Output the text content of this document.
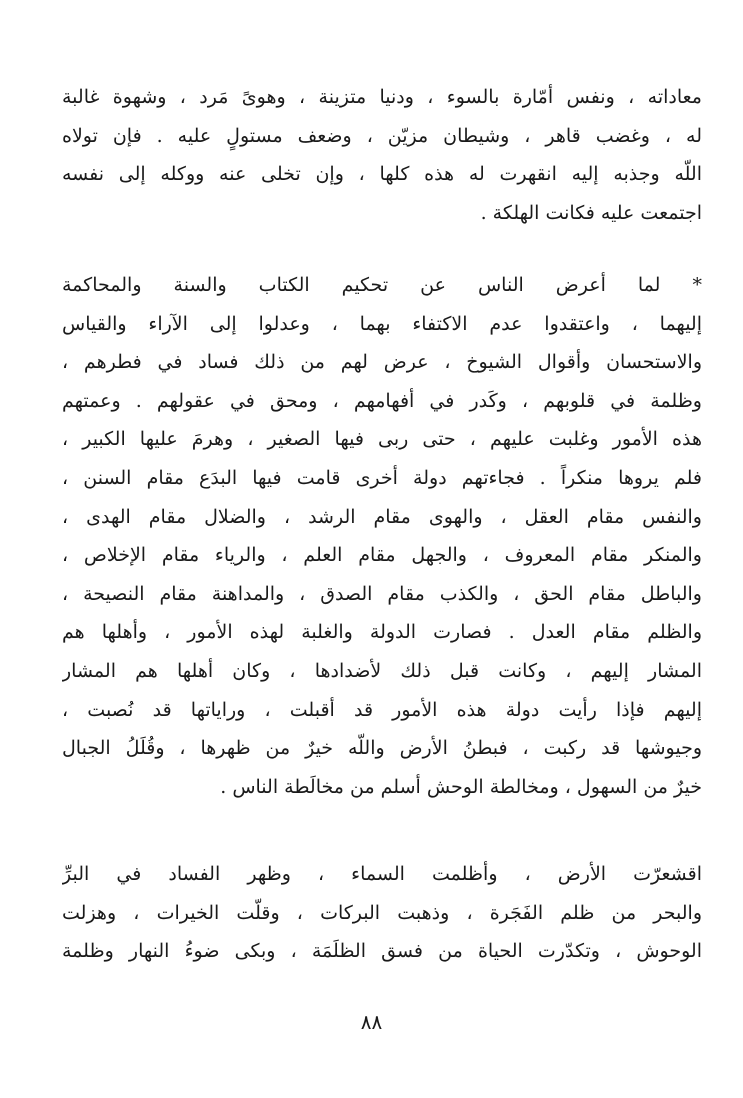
معاداته ، ونفس أمّارة بالسوء ، ودنيا متزينة ، وهوىً مَرد ، وشهوة غالبة
له ، وغضب قاهر ، وشيطان مزيّن ، وضعف مستولٍ عليه . فإن تولاه
اللّه وجذبه إليه انقهرت له هذه كلها ، وإن تخلى عنه ووكله إلى نفسه
اجتمعت عليه فكانت الهلكة .
* لما أعرض الناس عن تحكيم الكتاب والسنة والمحاكمة
إليهما ، واعتقدوا عدم الاكتفاء بهما ، وعدلوا إلى الآراء والقياس
والاستحسان وأقوال الشيوخ ، عرض لهم من ذلك فساد في فطرهم ،
وظلمة في قلوبهم ، وكَدر في أفهامهم ، ومحق في عقولهم . وعمتهم
هذه الأمور وغلبت عليهم ، حتى ربى فيها الصغير ، وهرمَ عليها الكبير ،
فلم يروها منكراً . فجاءتهم دولة أخرى قامت فيها البدَع مقام السنن ،
والنفس مقام العقل ، والهوى مقام الرشد ، والضلال مقام الهدى ،
والمنكر مقام المعروف ، والجهل مقام العلم ، والرياء مقام الإخلاص ،
والباطل مقام الحق ، والكذب مقام الصدق ، والمداهنة مقام النصيحة ،
والظلم مقام العدل . فصارت الدولة والغلبة لهذه الأمور ، وأهلها هم
المشار إليهم ، وكانت قبل ذلك لأضدادها ، وكان أهلها هم المشار
إليهم فإذا رأيت دولة هذه الأمور قد أقبلت ، وراياتها قد نُصبت ،
وجيوشها قد ركبت ، فبطنُ الأرض واللّه خيرٌ من ظهرها ، وقُلَلُ الجبال
خيرٌ من السهول ، ومخالطة الوحش أسلم من مخالَطة الناس .
اقشعرّت الأرض ، وأظلمت السماء ، وظهر الفساد في البرِّ
والبحر من ظلم الفَجَرة ، وذهبت البركات ، وقلّت الخيرات ، وهزلت
الوحوش ، وتكدّرت الحياة من فسق الظلَمَة ، وبكى ضوءُ النهار وظلمة
٨٨
